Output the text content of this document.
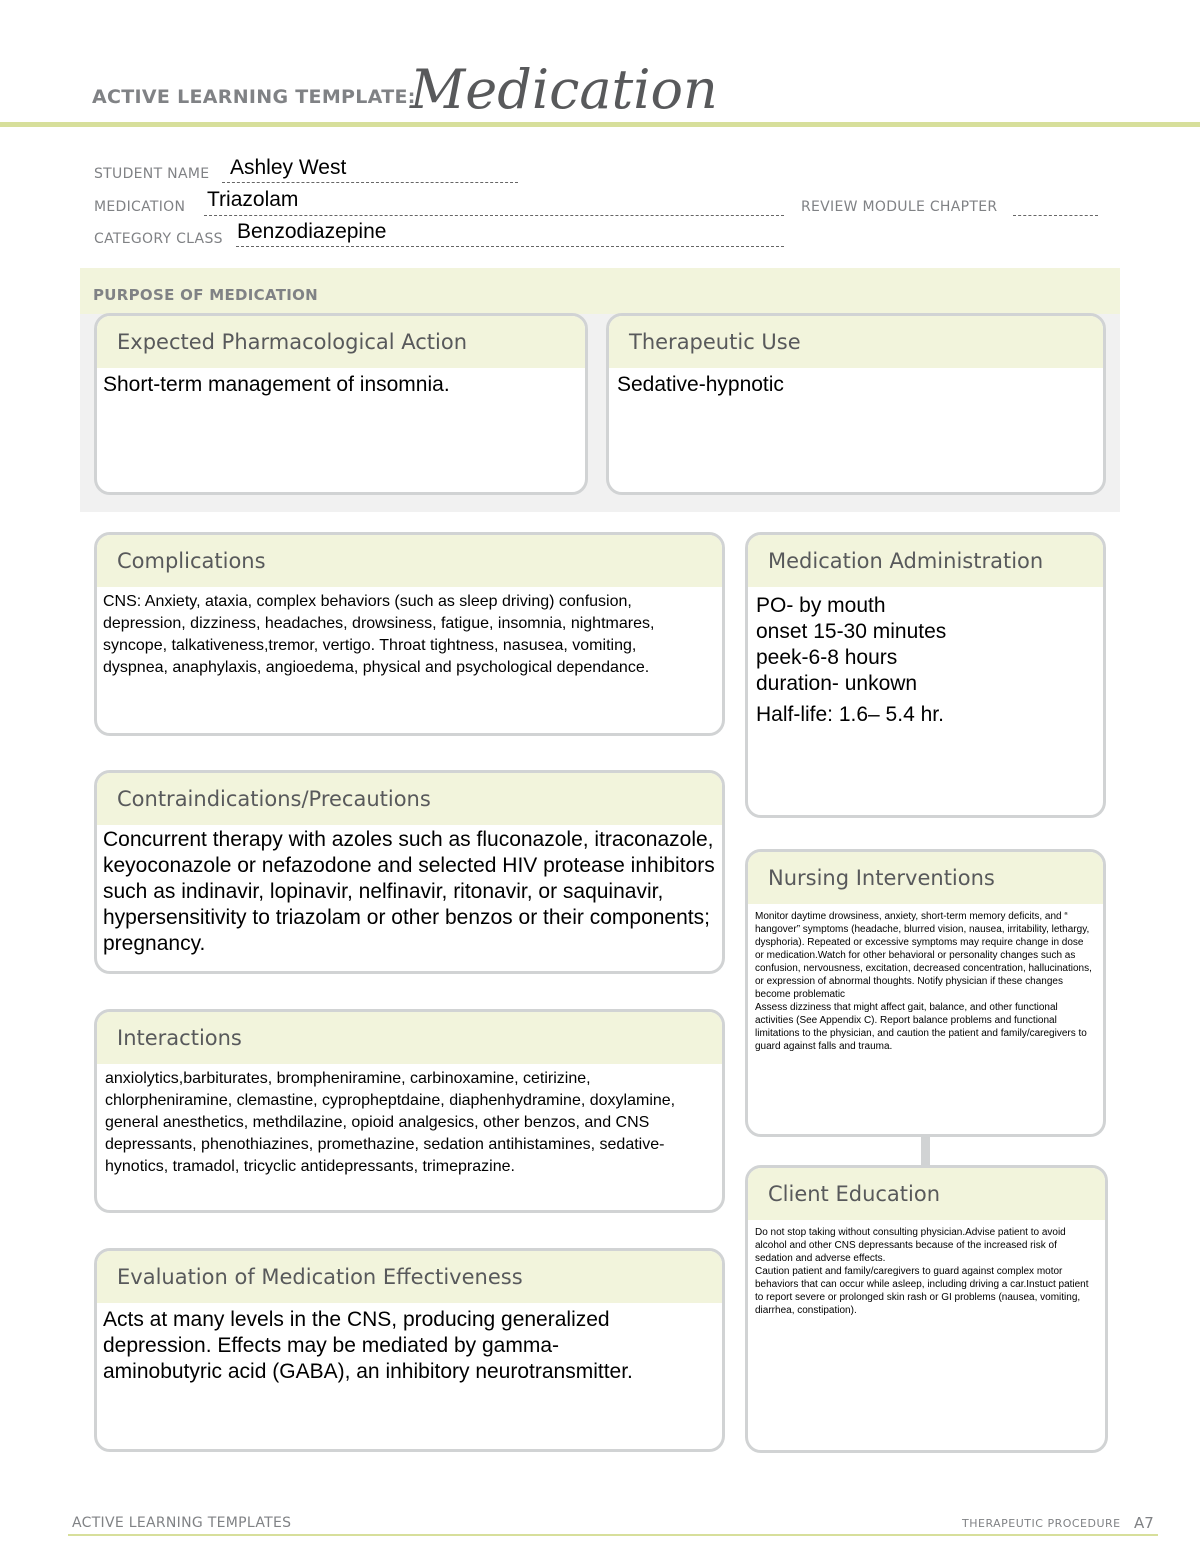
ACTIVE LEARNING TEMPLATE:
Medication
STUDENT NAME Ashley West
MEDICATION Triazolam	REVIEW MODULE CHAPTER
CATEGORY CLASS Benzodiazepine
PURPOSE OF MEDICATION
Expected Pharmacological Action
Short-term management of insomnia.
Therapeutic Use
Sedative-hypnotic
Complications
CNS: Anxiety, ataxia, complex behaviors (such as sleep driving) confusion, depression, dizziness, headaches, drowsiness, fatigue, insomnia, nightmares, syncope, talkativeness,tremor, vertigo. Throat tightness, nasusea, vomiting, dyspnea, anaphylaxis, angioedema, physical and psychological dependance.
Medication Administration
PO- by mouth
onset 15-30 minutes
peek-6-8 hours
duration- unkown
Half-life: 1.6– 5.4 hr.
Contraindications/Precautions
Concurrent therapy with azoles such as fluconazole, itraconazole, keyoconazole or nefazodone and selected HIV protease inhibitors such as indinavir, lopinavir, nelfinavir, ritonavir, or saquinavir, hypersensitivity to triazolam or other benzos or their components; pregnancy.
Nursing Interventions
Monitor daytime drowsiness, anxiety, short-term memory deficits, and “ hangover” symptoms (headache, blurred vision, nausea, irritability, lethargy, dysphoria). Repeated or excessive symptoms may require change in dose or medication.Watch for other behavioral or personality changes such as confusion, nervousness, excitation, decreased concentration, hallucinations, or expression of abnormal thoughts. Notify physician if these changes become problematic
Assess dizziness that might affect gait, balance, and other functional activities (See Appendix C). Report balance problems and functional limitations to the physician, and caution the patient and family/caregivers to guard against falls and trauma.
Interactions
anxiolytics,barbiturates, brompheniramine, carbinoxamine, cetirizine, chlorpheniramine, clemastine, cypropheptdaine, diaphenhydramine, doxylamine, general anesthetics, methdilazine, opioid analgesics, other benzos, and CNS depressants, phenothiazines, promethazine, sedation antihistamines, sedative-hynotics, tramadol, tricyclic antidepressants, trimeprazine.
Client Education
Do not stop taking without consulting physician.Advise patient to avoid alcohol and other CNS depressants because of the increased risk of sedation and adverse effects.
Caution patient and family/caregivers to guard against complex motor behaviors that can occur while asleep, including driving a car.Instuct patient to report severe or prolonged skin rash or GI problems (nausea, vomiting, diarrhea, constipation).
Evaluation of Medication Effectiveness
Acts at many levels in the CNS, producing generalized depression. Effects may be mediated by gamma-aminobutyric acid (GABA), an inhibitory neurotransmitter.
ACTIVE LEARNING TEMPLATES	THERAPEUTIC PROCEDURE A7
